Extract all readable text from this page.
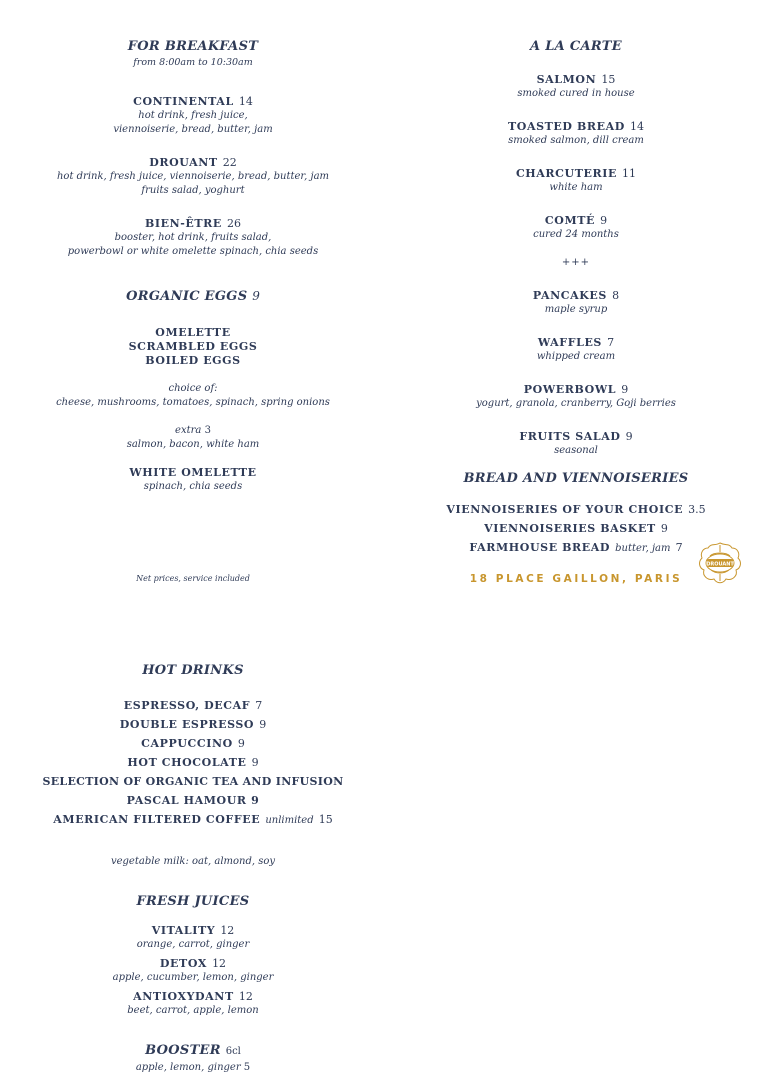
FOR BREAKFAST
from 8:00am to 10:30am
CONTINENTAL 14
hot drink, fresh juice,
viennoiserie, bread, butter, jam
DROUANT 22
hot drink, fresh juice, viennoiserie, bread, butter, jam
fruits salad, yoghurt
BIEN-ÊTRE 26
booster, hot drink, fruits salad,
powerbowl or white omelette spinach, chia seeds
ORGANIC EGGS 9
OMELETTE
SCRAMBLED EGGS
BOILED EGGS
choice of:
cheese, mushrooms, tomatoes, spinach, spring onions
extra 3
salmon, bacon, white ham
WHITE OMELETTE
spinach, chia seeds
Net prices, service included
A LA CARTE
SALMON 15
smoked cured in house
TOASTED BREAD 14
smoked salmon, dill cream
CHARCUTERIE 11
white ham
COMTÉ 9
cured 24 months
+++
PANCAKES 8
maple syrup
WAFFLES 7
whipped cream
POWERBOWL 9
yogurt, granola, cranberry, Goji berries
FRUITS SALAD 9
seasonal
BREAD AND VIENNOISERIES
VIENNOISERIES OF YOUR CHOICE 3.5
VIENNOISERIES BASKET 9
FARMHOUSE BREAD butter, jam 7
18 PLACE GAILLON, PARIS
DROUANT
HOT DRINKS
ESPRESSO, DECAF 7
DOUBLE ESPRESSO 9
CAPPUCCINO 9
HOT CHOCOLATE 9
SELECTION OF ORGANIC TEA AND INFUSION
PASCAL HAMOUR 9
AMERICAN FILTERED COFFEE unlimited 15
vegetable milk: oat, almond, soy
FRESH JUICES
VITALITY 12
orange, carrot, ginger
DETOX 12
apple, cucumber, lemon, ginger
ANTIOXYDANT 12
beet, carrot, apple, lemon
BOOSTER 6cl
apple, lemon, ginger 5
